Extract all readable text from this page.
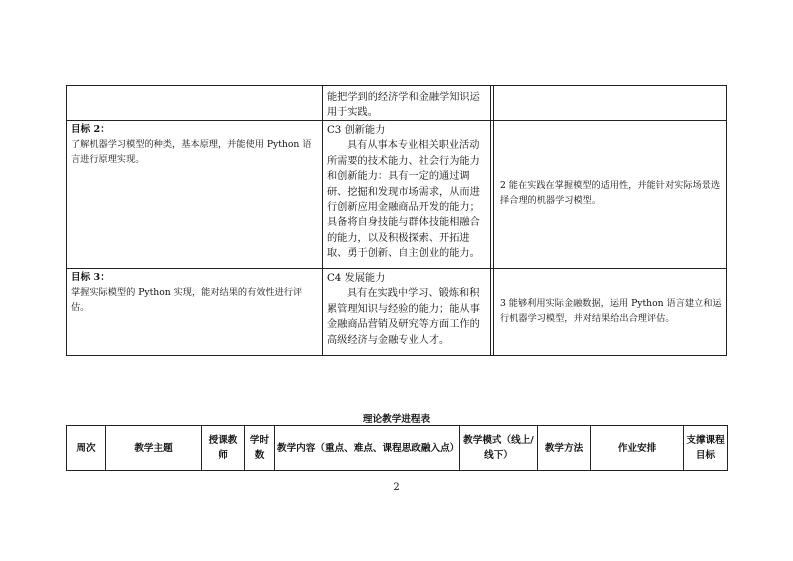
能把学到的经济学和金融学知识运用于实践。
目标 2：
了解机器学习模型的种类，基本原理，并能使用 Python 语言进行原理实现。
C3 创新能力
具有从事本专业相关职业活动所需要的技术能力、社会行为能力和创新能力：具有一定的通过调研、挖掘和发现市场需求，从而进行创新应用金融商品开发的能力；具备将自身技能与群体技能相融合的能力，以及积极探索、开拓进取、勇于创新、自主创业的能力。
2 能在实践在掌握模型的适用性，并能针对实际场景选择合理的机器学习模型。
目标 3：
掌握实际模型的 Python 实现，能对结果的有效性进行评估。
C4 发展能力
具有在实践中学习、锻炼和积累管理知识与经验的能力；能从事金融商品营销及研究等方面工作的高级经济与金融专业人才。
3 能够利用实际金融数据，运用 Python 语言建立和运行机器学习模型，并对结果给出合理评估。
理论教学进程表
周次	教学主题
授课教师
学时数
教学内容（重点、难点、课程思政融入点）
教学模式（线上/线下）
教学方法	作业安排
支撑课程目标
2
